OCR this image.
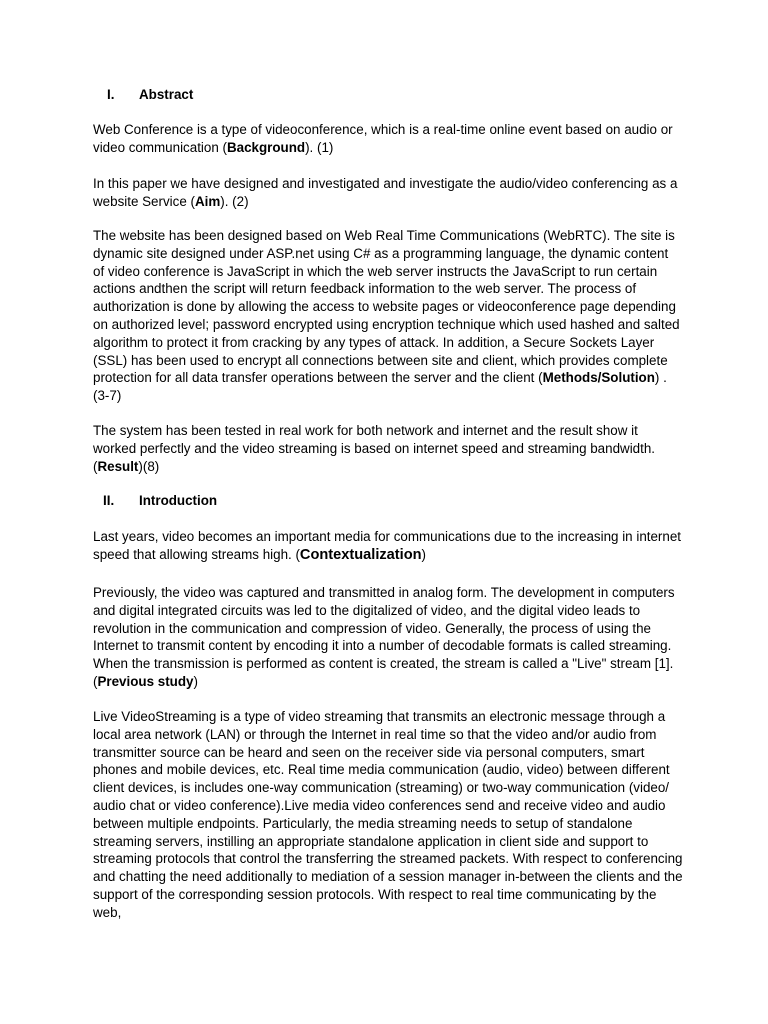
I. Abstract

Web Conference is a type of videoconference, which is a real-time online event based on audio or video communication (Background). (1)

In this paper we have designed and investigated and investigate the audio/video conferencing as a website Service (Aim). (2)

The website has been designed based on Web Real Time Communications (WebRTC). The site is dynamic site designed under ASP.net using C# as a programming language, the dynamic content of video conference is JavaScript in which the web server instructs the JavaScript to run certain actions andthen the script will return feedback information to the web server. The process of authorization is done by allowing the access to website pages or videoconference page depending on authorized level; password encrypted using encryption technique which used hashed and salted algorithm to protect it from cracking by any types of attack. In addition, a Secure Sockets Layer (SSL) has been used to encrypt all connections between site and client, which provides complete protection for all data transfer operations between the server and the client (Methods/Solution) . (3-7)

The system has been tested in real work for both network and internet and the result show it worked perfectly and the video streaming is based on internet speed and streaming bandwidth. (Result)(8)

II. Introduction

Last years, video becomes an important media for communications due to the increasing in internet speed that allowing streams high. (Contextualization)

Previously, the video was captured and transmitted in analog form. The development in computers and digital integrated circuits was led to the digitalized of video, and the digital video leads to revolution in the communication and compression of video. Generally, the process of using the Internet to transmit content by encoding it into a number of decodable formats is called streaming. When the transmission is performed as content is created, the stream is called a "Live" stream [1]. (Previous study)

Live VideoStreaming is a type of video streaming that transmits an electronic message through a local area network (LAN) or through the Internet in real time so that the video and/or audio from transmitter source can be heard and seen on the receiver side via personal computers, smart phones and mobile devices, etc. Real time media communication (audio, video) between different client devices, is includes one-way communication (streaming) or two-way communication (video/ audio chat or video conference).Live media video conferences send and receive video and audio between multiple endpoints. Particularly, the media streaming needs to setup of standalone streaming servers, instilling an appropriate standalone application in client side and support to streaming protocols that control the transferring the streamed packets. With respect to conferencing and chatting the need additionally to mediation of a session manager in-between the clients and the support of the corresponding session protocols. With respect to real time communicating by the web,
